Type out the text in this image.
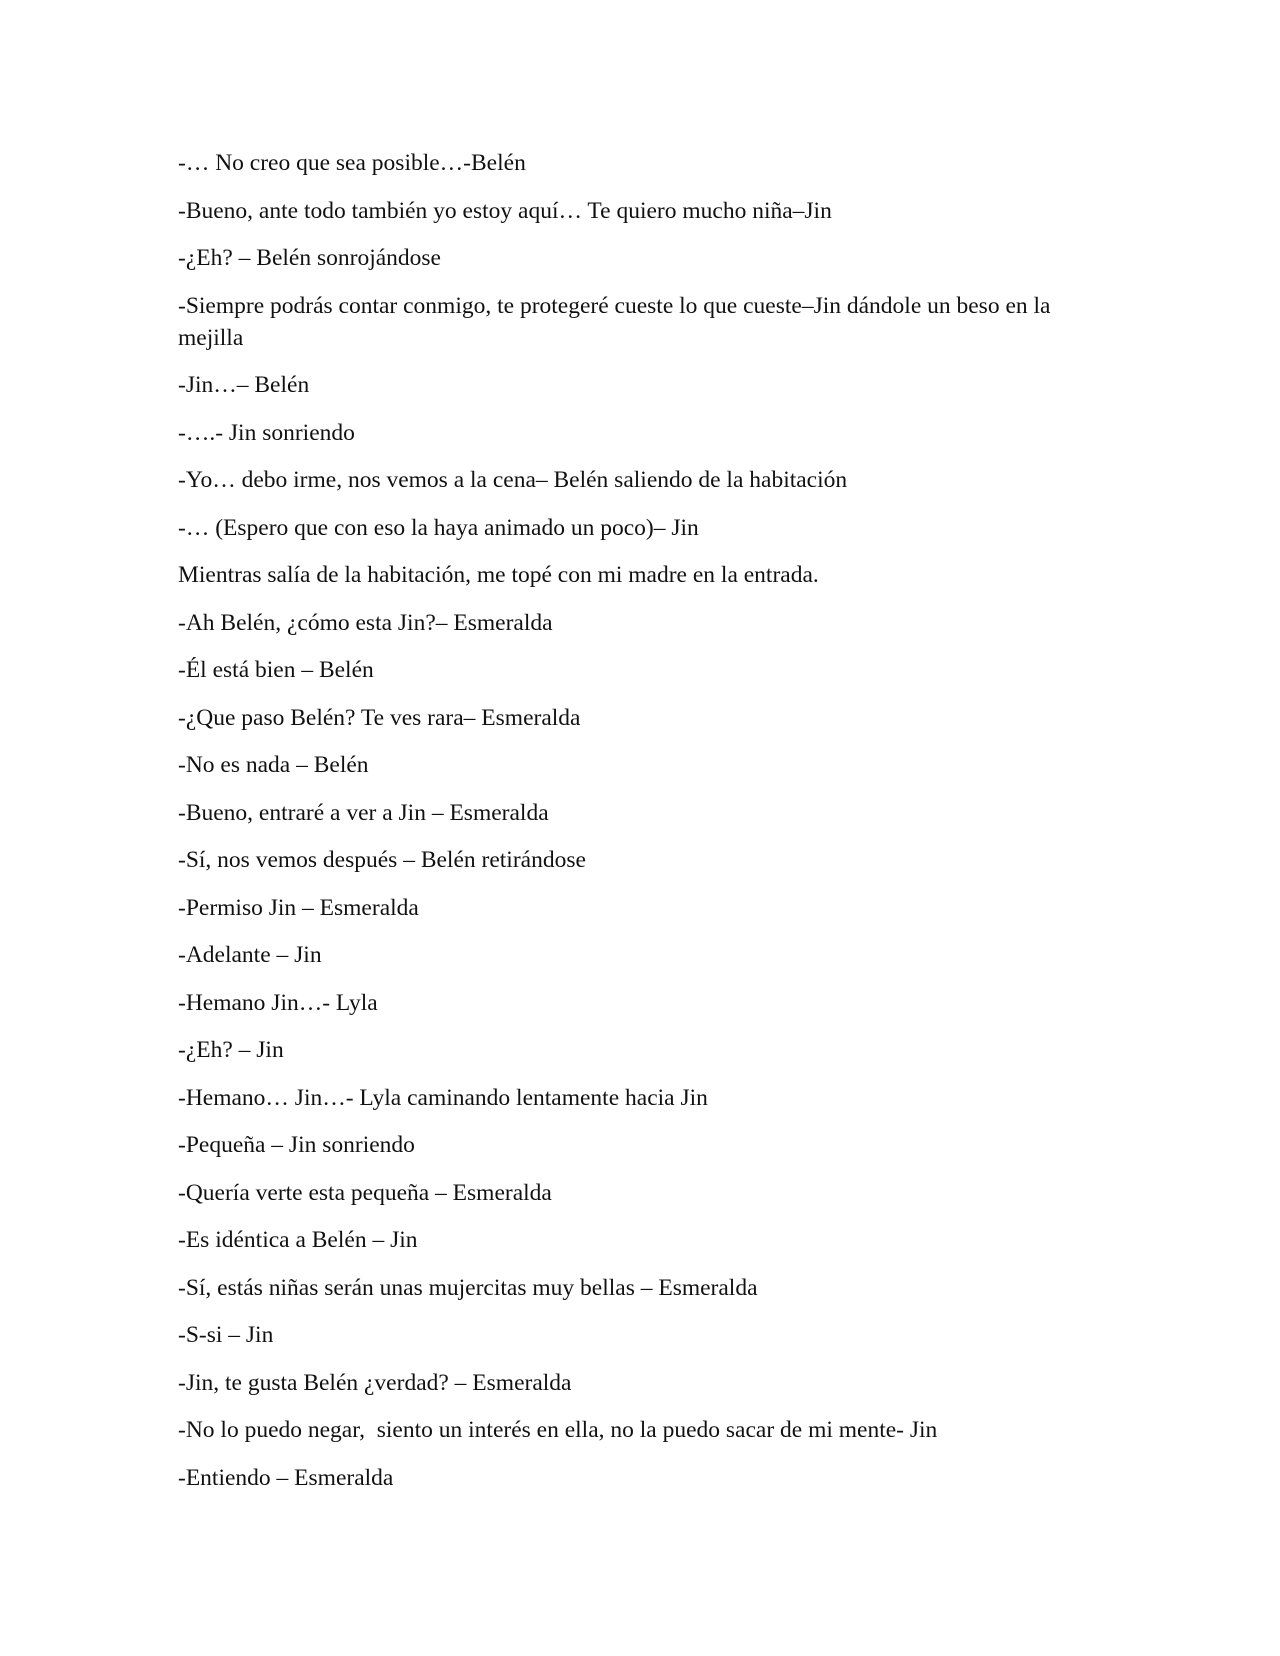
-… No creo que sea posible…-Belén

-Bueno, ante todo también yo estoy aquí… Te quiero mucho niña–Jin

-¿Eh? – Belén sonrojándose

-Siempre podrás contar conmigo, te protegeré cueste lo que cueste–Jin dándole un beso en la mejilla

-Jin…– Belén

-….- Jin sonriendo

-Yo… debo irme, nos vemos a la cena– Belén saliendo de la habitación

-… (Espero que con eso la haya animado un poco)– Jin

Mientras salía de la habitación, me topé con mi madre en la entrada.

-Ah Belén, ¿cómo esta Jin?– Esmeralda

-Él está bien – Belén

-¿Que paso Belén? Te ves rara– Esmeralda

-No es nada – Belén

-Bueno, entraré a ver a Jin – Esmeralda

-Sí, nos vemos después – Belén retirándose

-Permiso Jin – Esmeralda

-Adelante – Jin

-Hemano Jin…- Lyla

-¿Eh? – Jin

-Hemano… Jin…- Lyla caminando lentamente hacia Jin

-Pequeña – Jin sonriendo

-Quería verte esta pequeña – Esmeralda

-Es idéntica a Belén – Jin

-Sí, estás niñas serán unas mujercitas muy bellas – Esmeralda

-S-si – Jin

-Jin, te gusta Belén ¿verdad? – Esmeralda

-No lo puedo negar,  siento un interés en ella, no la puedo sacar de mi mente- Jin

-Entiendo – Esmeralda
